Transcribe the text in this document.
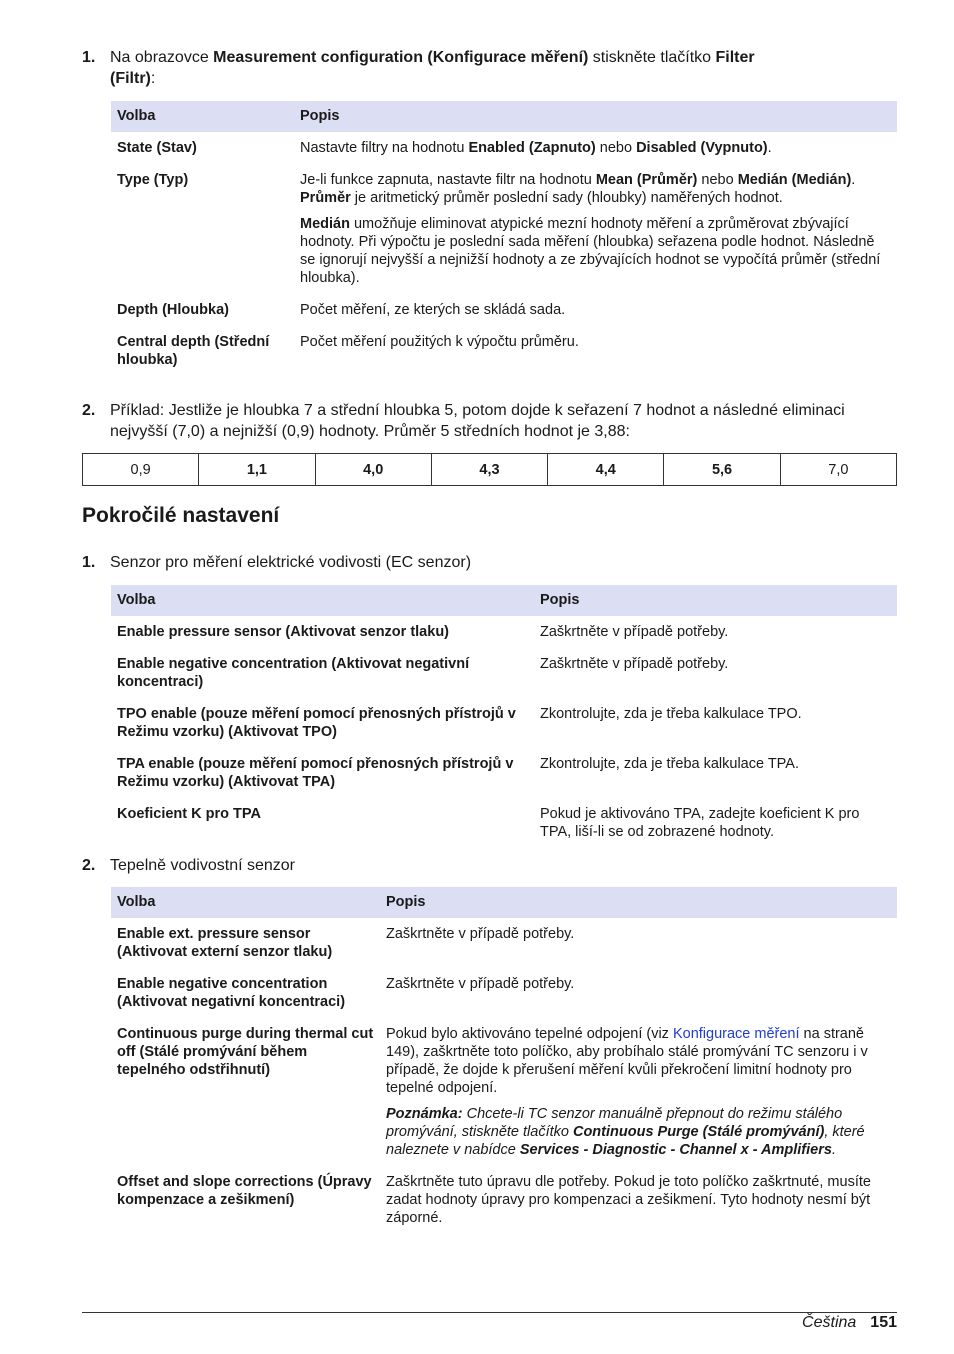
1. Na obrazovce Measurement configuration (Konfigurace měření) stiskněte tlačítko Filter
(Filtr):
Volba	Popis
State (Stav)	Nastavte filtry na hodnotu Enabled (Zapnuto) nebo Disabled (Vypnuto).
Type (Typ)	Je-li funkce zapnuta, nastavte filtr na hodnotu Mean (Průměr) nebo Medián (Medián).
Průměr je aritmetický průměr poslední sady (hloubky) naměřených hodnot.

Medián umožňuje eliminovat atypické mezní hodnoty měření a zprůměrovat zbývající hodnoty. Při výpočtu je poslední sada měření (hloubka) seřazena podle hodnot. Následně se ignorují nejvyšší a nejnižší hodnoty a ze zbývajících hodnot se vypočítá průměr (střední hloubka).

Depth (Hloubka)	Počet měření, ze kterých se skládá sada.
Central depth (Střední hloubka)	Počet měření použitých k výpočtu průměru.
2. Příklad: Jestliže je hloubka 7 a střední hloubka 5, potom dojde k seřazení 7 hodnot a následné eliminaci nejvyšší (7,0) a nejnižší (0,9) hodnoty. Průměr 5 středních hodnot je 3,88:
0,9	1,1	4,0	4,3	4,4	5,6	7,0
Pokročilé nastavení
1. Senzor pro měření elektrické vodivosti (EC senzor)
Volba	Popis
Enable pressure sensor (Aktivovat senzor tlaku)	Zaškrtněte v případě potřeby.
Enable negative concentration (Aktivovat negativní koncentraci)	Zaškrtněte v případě potřeby.
TPO enable (pouze měření pomocí přenosných přístrojů v Režimu vzorku) (Aktivovat TPO)	Zkontrolujte, zda je třeba kalkulace TPO.
TPA enable (pouze měření pomocí přenosných přístrojů v Režimu vzorku) (Aktivovat TPA)	Zkontrolujte, zda je třeba kalkulace TPA.
Koeficient K pro TPA	Pokud je aktivováno TPA, zadejte koeficient K pro TPA, liší-li se od zobrazené hodnoty.
2. Tepelně vodivostní senzor
Volba	Popis
Enable ext. pressure sensor (Aktivovat externí senzor tlaku)	Zaškrtněte v případě potřeby.
Enable negative concentration (Aktivovat negativní koncentraci)	Zaškrtněte v případě potřeby.
Continuous purge during thermal cut off (Stálé promývání během tepelného odstřihnutí)	Pokud bylo aktivováno tepelné odpojení (viz Konfigurace měření na straně 149), zaškrtněte toto políčko, aby probíhalo stálé promývání TC senzoru i v případě, že dojde k přerušení měření kvůli překročení limitní hodnoty pro tepelné odpojení.

Poznámka: Chcete-li TC senzor manuálně přepnout do režimu stálého promývání, stiskněte tlačítko Continuous Purge (Stálé promývání), které naleznete v nabídce Services - Diagnostic - Channel x - Amplifiers.

Offset and slope corrections (Úpravy kompenzace a zešikmení)	Zaškrtněte tuto úpravu dle potřeby. Pokud je toto políčko zaškrtnuté, musíte zadat hodnoty úpravy pro kompenzaci a zešikmení. Tyto hodnoty nesmí být záporné.
Čeština 151
